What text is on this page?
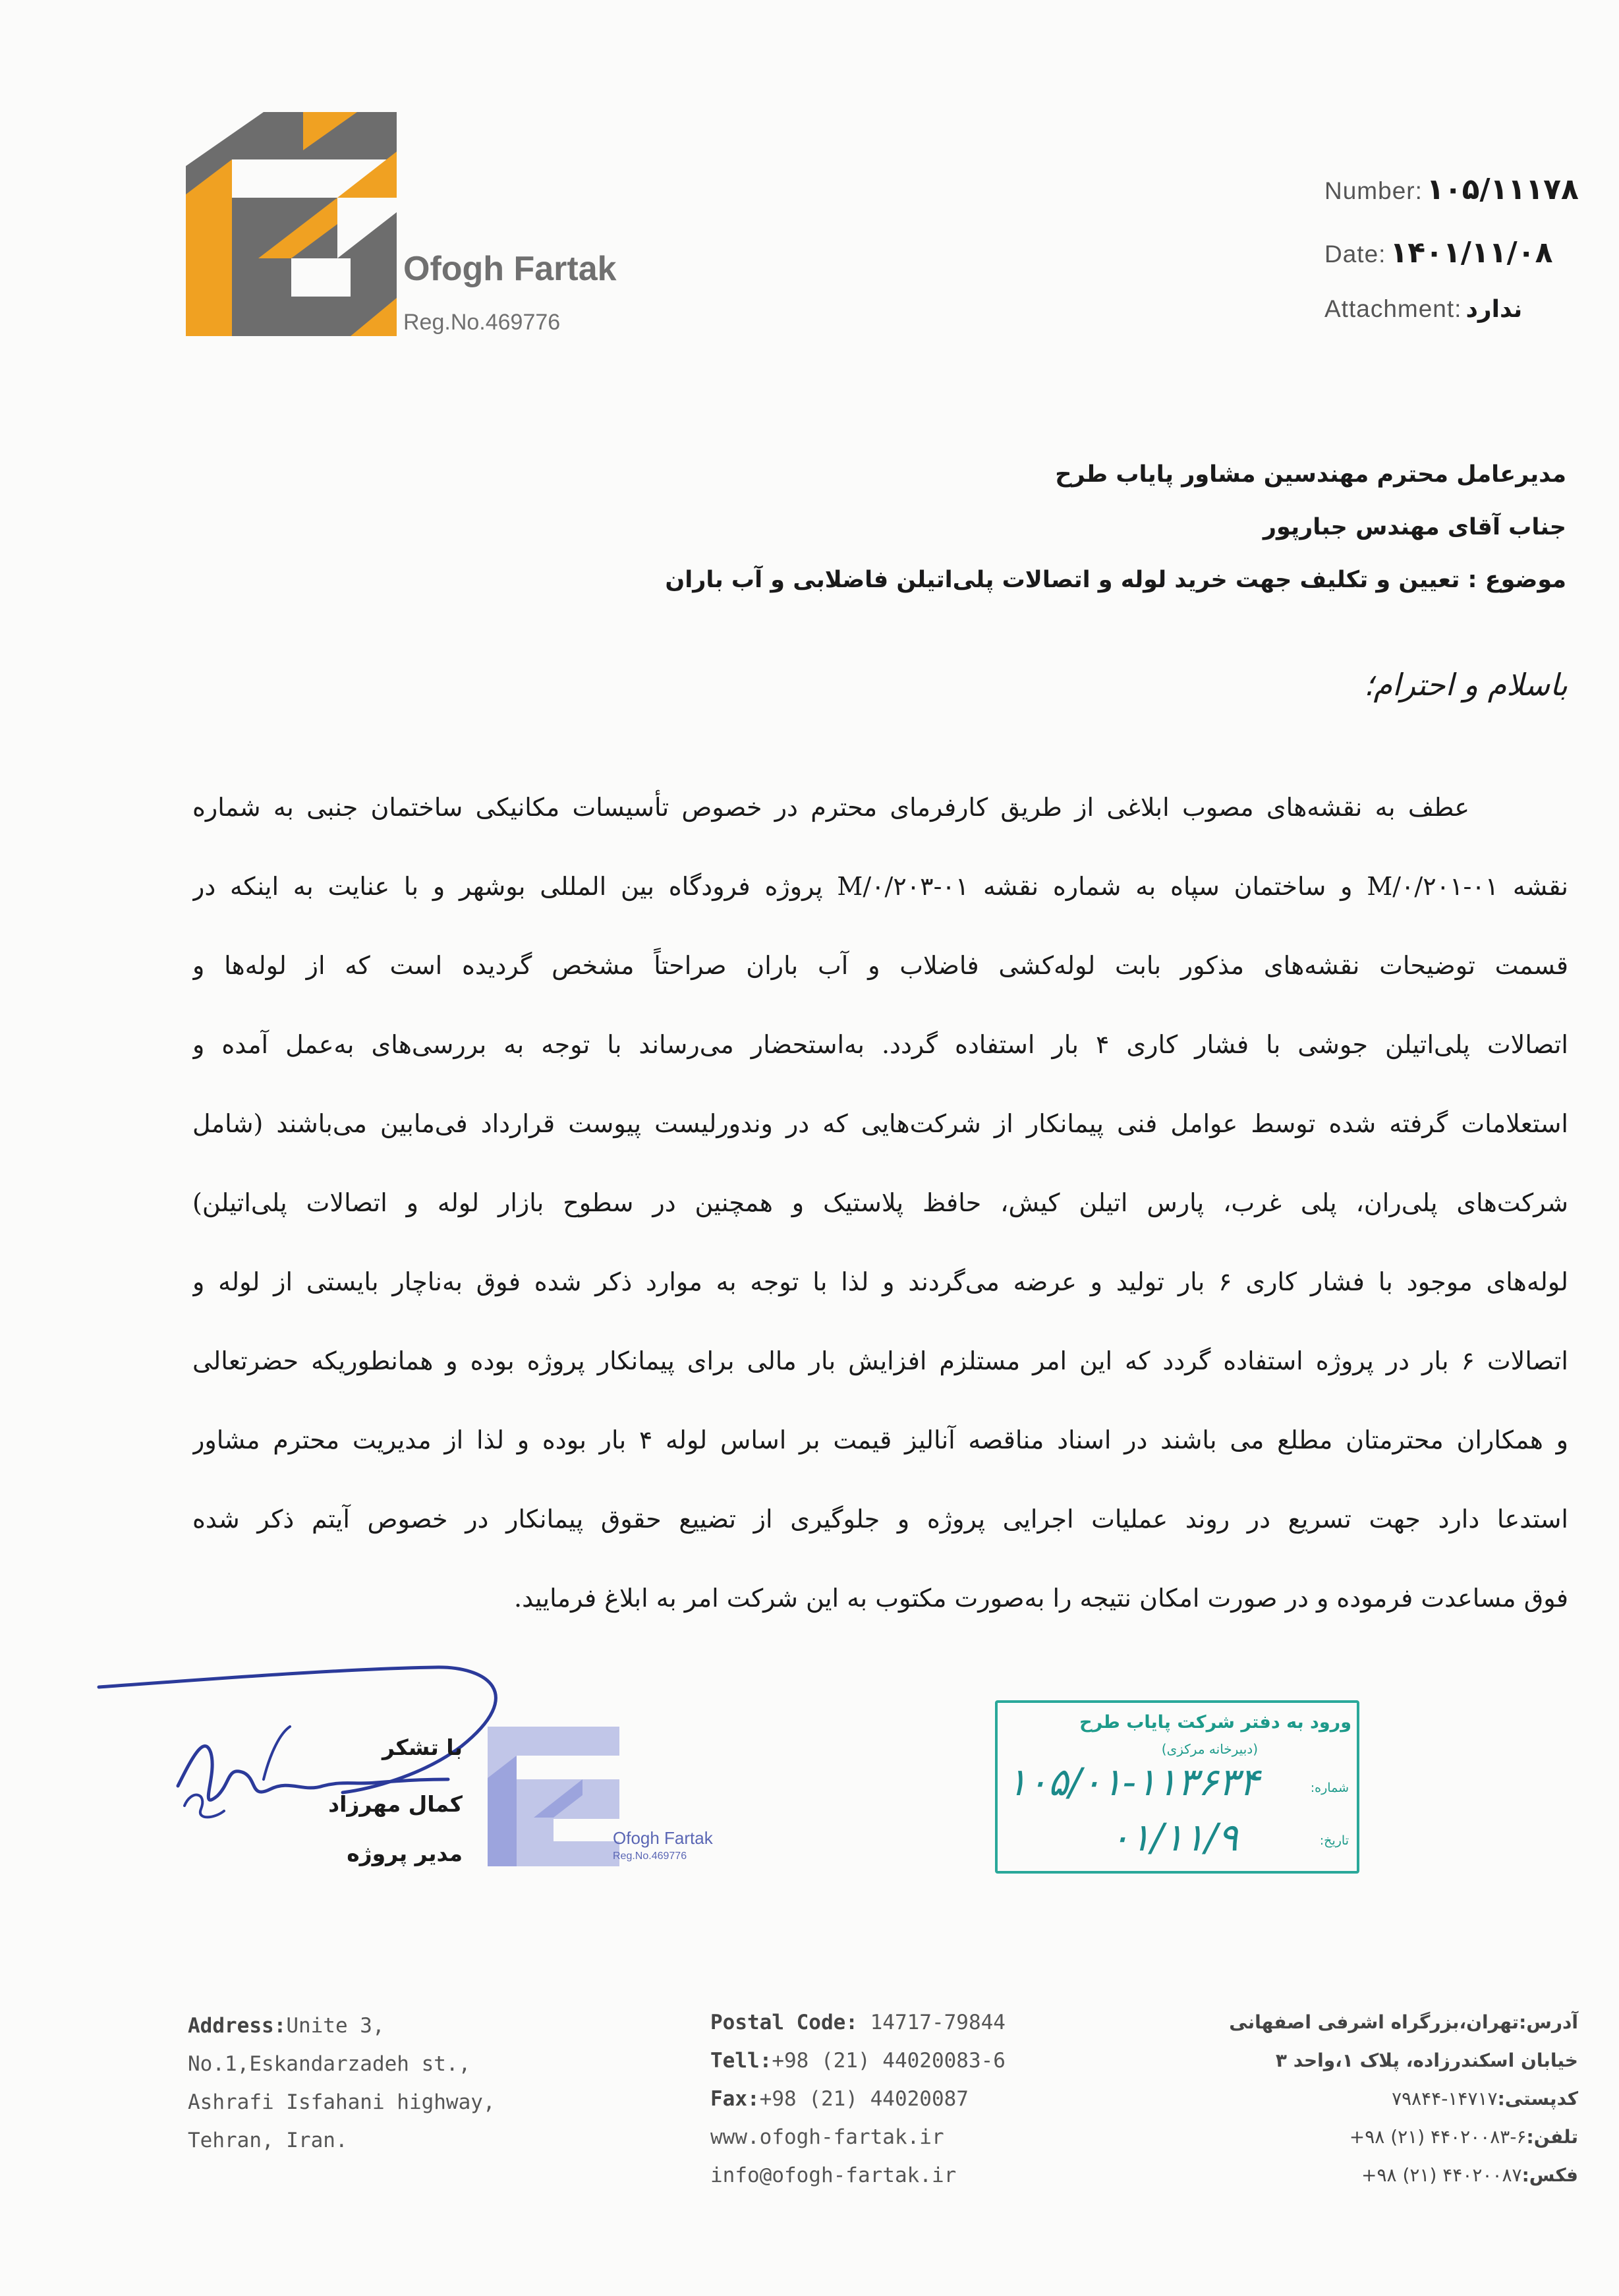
Ofogh Fartak
Reg.No.469776
Number: ۱۰۵/۱۱۱۷۸
Date: ۱۴۰۱/۱۱/۰۸
Attachment: ندارد
مدیرعامل محترم مهندسین مشاور پایاب طرح
جناب آقای مهندس جبارپور
موضوع : تعیین و تکلیف جهت خرید لوله و اتصالات پلی‌اتیلن فاضلابی و آب باران
باسلام و احترام؛
عطف به نقشه‌های مصوب ابلاغی از طریق کارفرمای محترم در خصوص تأسیسات مکانیکی ساختمان جنبی به شماره
نقشه ۰۱-M/۰/۲۰۱ و ساختمان سپاه به شماره نقشه ۰۱-M/۰/۲۰۳ پروژه فرودگاه بین المللی بوشهر و با عنایت به اینکه در
قسمت توضیحات نقشه‌های مذکور بابت لوله‌کشی فاضلاب و آب باران صراحتاً مشخص گردیده است که از لوله‌ها و
اتصالات پلی‌اتیلن جوشی با فشار کاری ۴ بار استفاده گردد. به‌استحضار می‌رساند با توجه به بررسی‌های به‌عمل آمده و
استعلامات گرفته شده توسط عوامل فنی پیمانکار از شرکت‌هایی که در وندورلیست پیوست قرارداد فی‌مابین می‌باشند (شامل
شرکت‌های پلی‌ران، پلی غرب، پارس اتیلن کیش، حافظ پلاستیک و همچنین در سطوح بازار لوله و اتصالات پلی‌اتیلن)
لوله‌های موجود با فشار کاری ۶ بار تولید و عرضه می‌گردند و لذا با توجه به موارد ذکر شده فوق به‌ناچار بایستی از لوله و
اتصالات ۶ بار در پروژه استفاده گردد که این امر مستلزم افزایش بار مالی برای پیمانکار پروژه بوده و همانطوریکه حضرتعالی
و همکاران محترمتان مطلع می باشند در اسناد مناقصه آنالیز قیمت بر اساس لوله ۴ بار بوده و لذا از مدیریت محترم مشاور
استدعا دارد جهت تسریع در روند عملیات اجرایی پروژه و جلوگیری از تضییع حقوق پیمانکار در خصوص آیتم ذکر شده
فوق مساعدت فرموده و در صورت امکان نتیجه را به‌صورت مکتوب به این شرکت امر به ابلاغ فرمایید.
با تشکر
کمال مهرزاد
مدیر پروژه
Ofogh Fartak
Reg.No.469776
ورود به دفتر شرکت پایاب طرح
(دبیرخانه مرکزی)
شماره:
تاریخ:
۱۰۵/۰۱-۱۱۳۶۳۴
۰۱/۱۱/۹
Address:Unite 3,
No.1,Eskandarzadeh st.,
Ashrafi Isfahani highway,
Tehran, Iran.
Postal Code: 14717-79844
Tell:+98 (21) 44020083-6
Fax:+98 (21) 44020087
www.ofogh-fartak.ir
info@ofogh-fartak.ir
آدرس:تهران،بزرگراه اشرفی اصفهانی
خیابان اسکندرزاده، پلاک ۱،واحد ۳
کدپستی:۱۴۷۱۷-۷۹۸۴۴
تلفن:۶-۴۴۰۲۰۰۸۳ (۲۱) ۹۸+
فکس:۴۴۰۲۰۰۸۷ (۲۱) ۹۸+
